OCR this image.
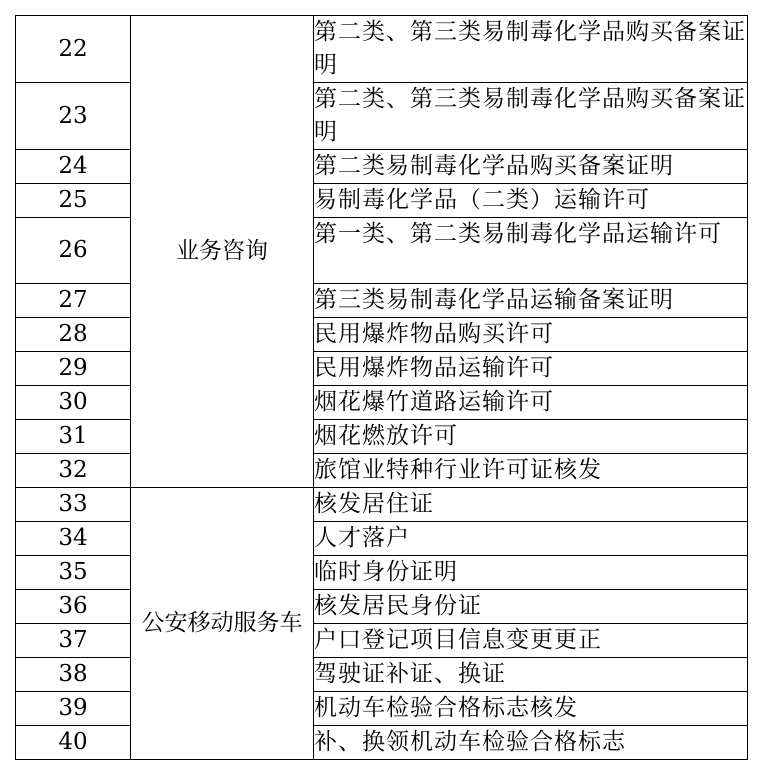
22	业务咨询	第二类、第三类易制毒化学品购买备案证明
23		第二类、第三类易制毒化学品购买备案证明
24		第二类易制毒化学品购买备案证明
25		易制毒化学品（二类）运输许可
26		第一类、第二类易制毒化学品运输许可
27		第三类易制毒化学品运输备案证明
28		民用爆炸物品购买许可
29		民用爆炸物品运输许可
30		烟花爆竹道路运输许可
31		烟花燃放许可
32		旅馆业特种行业许可证核发
33	公安移动服务车	核发居住证
34		人才落户
35		临时身份证明
36		核发居民身份证
37		户口登记项目信息变更更正
38		驾驶证补证、换证
39		机动车检验合格标志核发
40		补、换领机动车检验合格标志
